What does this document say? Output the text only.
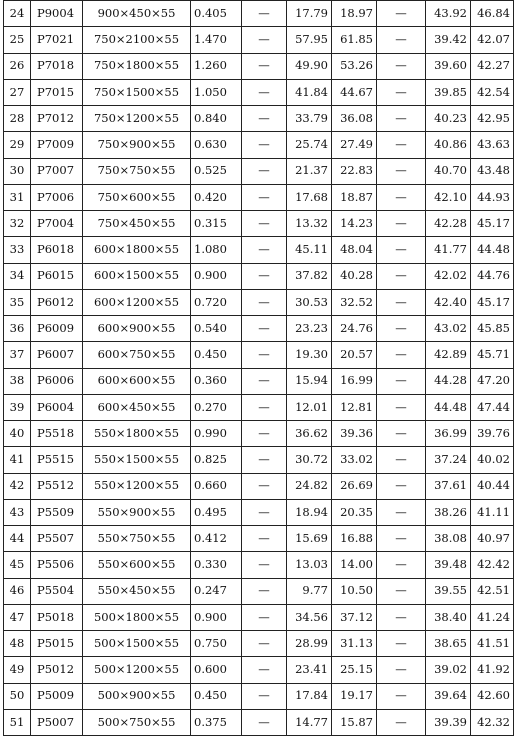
24	P9004	900×450×55	0.405	—	17.79	18.97	—	43.92	46.84
25	P7021	750×2100×55	1.470	—	57.95	61.85	—	39.42	42.07
26	P7018	750×1800×55	1.260	—	49.90	53.26	—	39.60	42.27
27	P7015	750×1500×55	1.050	—	41.84	44.67	—	39.85	42.54
28	P7012	750×1200×55	0.840	—	33.79	36.08	—	40.23	42.95
29	P7009	750×900×55	0.630	—	25.74	27.49	—	40.86	43.63
30	P7007	750×750×55	0.525	—	21.37	22.83	—	40.70	43.48
31	P7006	750×600×55	0.420	—	17.68	18.87	—	42.10	44.93
32	P7004	750×450×55	0.315	—	13.32	14.23	—	42.28	45.17
33	P6018	600×1800×55	1.080	—	45.11	48.04	—	41.77	44.48
34	P6015	600×1500×55	0.900	—	37.82	40.28	—	42.02	44.76
35	P6012	600×1200×55	0.720	—	30.53	32.52	—	42.40	45.17
36	P6009	600×900×55	0.540	—	23.23	24.76	—	43.02	45.85
37	P6007	600×750×55	0.450	—	19.30	20.57	—	42.89	45.71
38	P6006	600×600×55	0.360	—	15.94	16.99	—	44.28	47.20
39	P6004	600×450×55	0.270	—	12.01	12.81	—	44.48	47.44
40	P5518	550×1800×55	0.990	—	36.62	39.36	—	36.99	39.76
41	P5515	550×1500×55	0.825	—	30.72	33.02	—	37.24	40.02
42	P5512	550×1200×55	0.660	—	24.82	26.69	—	37.61	40.44
43	P5509	550×900×55	0.495	—	18.94	20.35	—	38.26	41.11
44	P5507	550×750×55	0.412	—	15.69	16.88	—	38.08	40.97
45	P5506	550×600×55	0.330	—	13.03	14.00	—	39.48	42.42
46	P5504	550×450×55	0.247	—	9.77	10.50	—	39.55	42.51
47	P5018	500×1800×55	0.900	—	34.56	37.12	—	38.40	41.24
48	P5015	500×1500×55	0.750	—	28.99	31.13	—	38.65	41.51
49	P5012	500×1200×55	0.600	—	23.41	25.15	—	39.02	41.92
50	P5009	500×900×55	0.450	—	17.84	19.17	—	39.64	42.60
51	P5007	500×750×55	0.375	—	14.77	15.87	—	39.39	42.32
